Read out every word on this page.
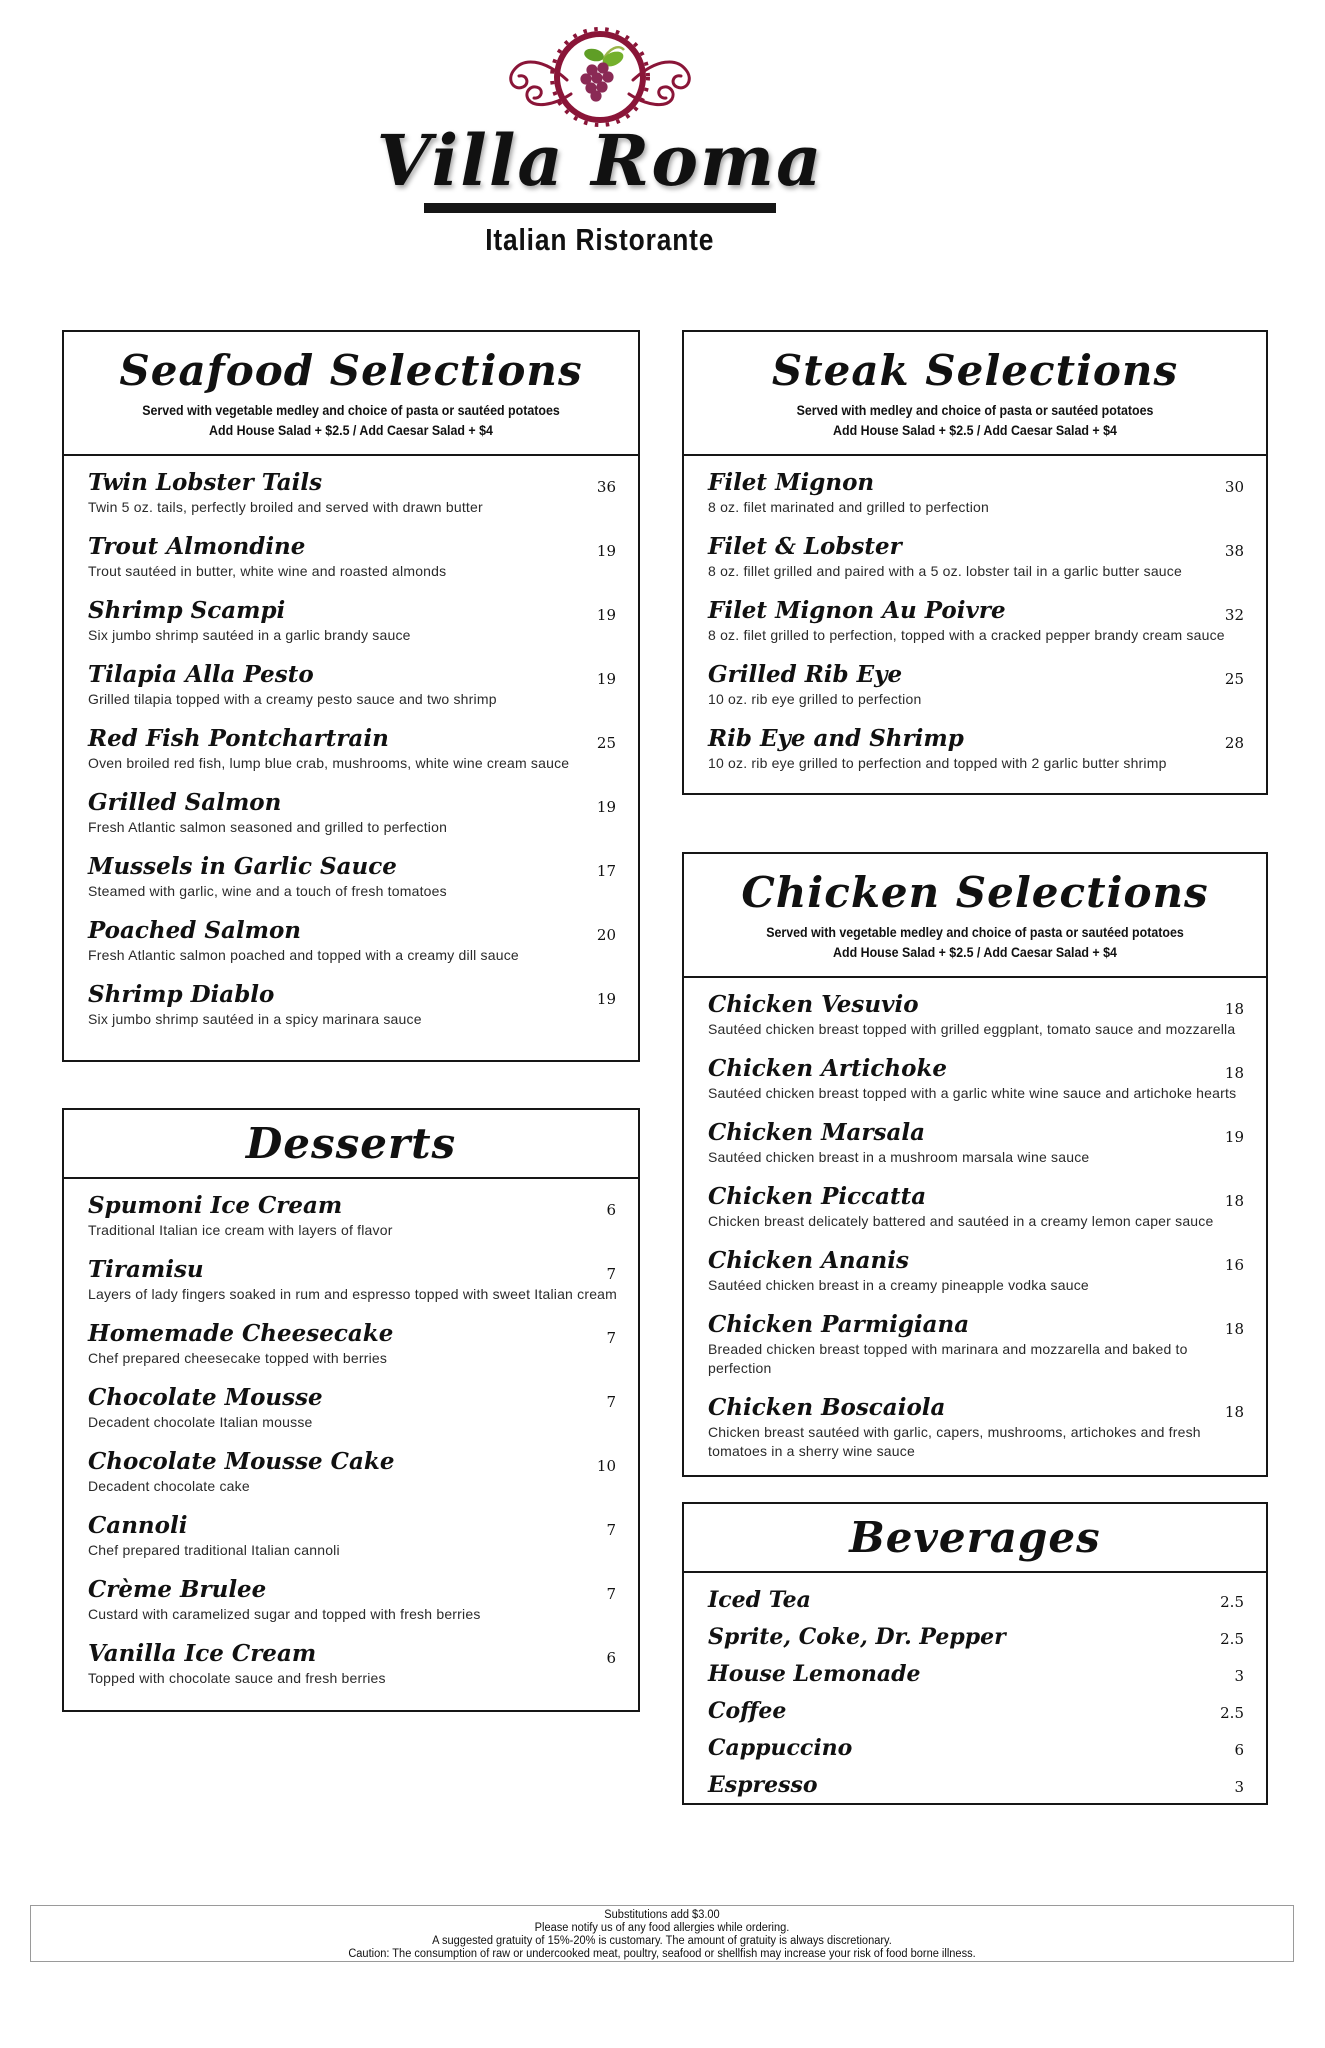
Villa Roma
Italian Ristorante
Seafood Selections
Served with vegetable medley and choice of pasta or sautéed potatoes
Add House Salad + $2.5 / Add Caesar Salad + $4
Twin Lobster Tails
Twin 5 oz. tails, perfectly broiled and served with drawn butter
36
Trout Almondine
Trout sautéed in butter, white wine and roasted almonds
19
Shrimp Scampi
Six jumbo shrimp sautéed in a garlic brandy sauce
19
Tilapia Alla Pesto
Grilled tilapia topped with a creamy pesto sauce and two shrimp
19
Red Fish Pontchartrain
Oven broiled red fish, lump blue crab, mushrooms, white wine cream sauce
25
Grilled Salmon
Fresh Atlantic salmon seasoned and grilled to perfection
19
Mussels in Garlic Sauce
Steamed with garlic, wine and a touch of fresh tomatoes
17
Poached Salmon
Fresh Atlantic salmon poached and topped with a creamy dill sauce
20
Shrimp Diablo
Six jumbo shrimp sautéed in a spicy marinara sauce
19
Steak Selections
Served with medley and choice of pasta or sautéed potatoes
Add House Salad + $2.5 / Add Caesar Salad + $4
Filet Mignon
8 oz. filet marinated and grilled to perfection
30
Filet & Lobster
8 oz. fillet grilled and paired with a 5 oz. lobster tail in a garlic butter sauce
38
Filet Mignon Au Poivre
8 oz. filet grilled to perfection, topped with a cracked pepper brandy cream sauce
32
Grilled Rib Eye
10 oz. rib eye grilled to perfection
25
Rib Eye and Shrimp
10 oz. rib eye grilled to perfection and topped with 2 garlic butter shrimp
28
Chicken Selections
Served with vegetable medley and choice of pasta or sautéed potatoes
Add House Salad + $2.5 / Add Caesar Salad + $4
Chicken Vesuvio
Sautéed chicken breast topped with grilled eggplant, tomato sauce and mozzarella
18
Chicken Artichoke
Sautéed chicken breast topped with a garlic white wine sauce and artichoke hearts
18
Chicken Marsala
Sautéed chicken breast in a mushroom marsala wine sauce
19
Chicken Piccatta
Chicken breast delicately battered and sautéed in a creamy lemon caper sauce
18
Chicken Ananis
Sautéed chicken breast in a creamy pineapple vodka sauce
16
Chicken Parmigiana
Breaded chicken breast topped with marinara and mozzarella and baked to perfection
18
Chicken Boscaiola
Chicken breast sautéed with garlic, capers, mushrooms, artichokes and fresh tomatoes in a sherry wine sauce
18
Desserts
Spumoni Ice Cream
Traditional Italian ice cream with layers of flavor
6
Tiramisu
Layers of lady fingers soaked in rum and espresso topped with sweet Italian cream
7
Homemade Cheesecake
Chef prepared cheesecake topped with berries
7
Chocolate Mousse
Decadent chocolate Italian mousse
7
Chocolate Mousse Cake
Decadent chocolate cake
10
Cannoli
Chef prepared traditional Italian cannoli
7
Crème Brulee
Custard with caramelized sugar and topped with fresh berries
7
Vanilla Ice Cream
Topped with chocolate sauce and fresh berries
6
Beverages
Iced Tea	2.5
Sprite, Coke, Dr. Pepper	2.5
House Lemonade	3
Coffee	2.5
Cappuccino	6
Espresso	3

Substitutions add $3.00

Please notify us of any food allergies while ordering.

A suggested gratuity of 15%-20% is customary. The amount of gratuity is always discretionary.

Caution: The consumption of raw or undercooked meat, poultry, seafood or shellfish may increase your risk of food borne illness.
